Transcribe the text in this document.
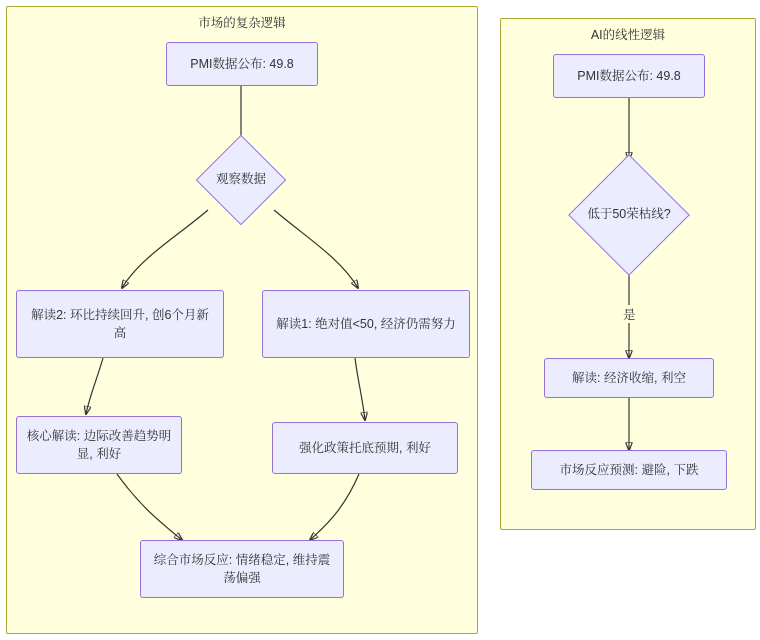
市场的复杂逻辑
AI的线性逻辑
是
PMI数据公布: 49.8
观察数据
解读2: 环比持续回升, 创6个月新高
解读1: 绝对值<50, 经济仍需努力
核心解读: 边际改善趋势明显, 利好	强化政策托底预期, 利好
综合市场反应: 情绪稳定, 维持震荡偏强
PMI数据公布: 49.8
低于50荣枯线?
解读: 经济收缩, 利空
市场反应预测: 避险, 下跌
